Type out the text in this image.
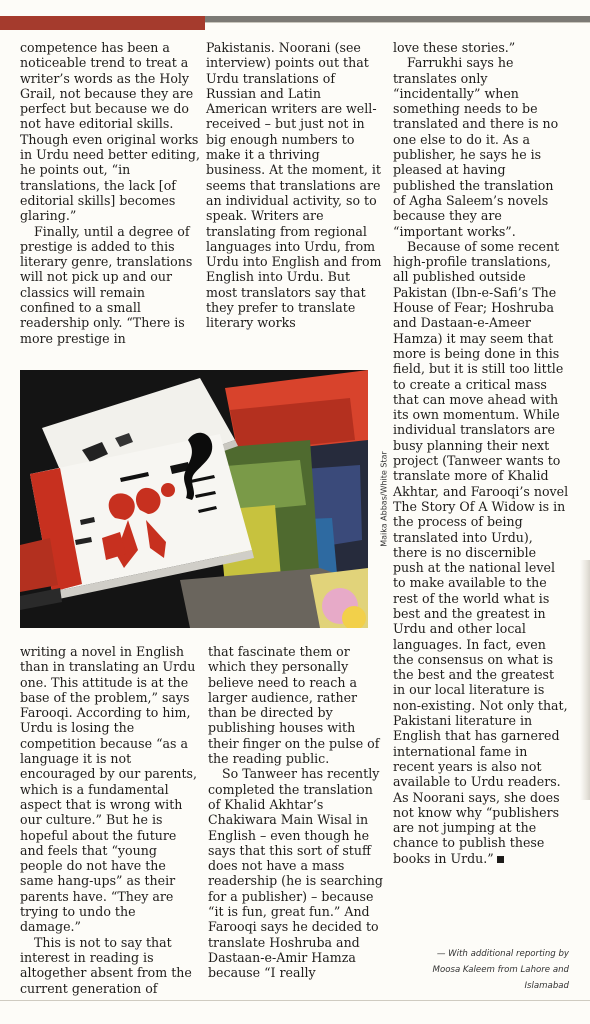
competence has been a noticeable trend to treat a writer’s words as the Holy Grail, not because they are perfect but because we do not have editorial skills. Though even original works in Urdu need better editing, he points out, “in translations, the lack [of editorial skills] becomes glaring.”

Finally, until a degree of prestige is added to this literary genre, translations will not pick up and our classics will remain confined to a small readership only. “There is more prestige in

Pakistanis. Noorani (see interview) points out that Urdu translations of Russian and Latin American writers are well-received – but just not in big enough numbers to make it a thriving business. At the moment, it seems that translations are an individual activity, so to speak. Writers are translating from regional languages into Urdu, from Urdu into English and from English into Urdu. But most translators say that they prefer to translate literary works

love these stories.”

Farrukhi says he translates only “incidentally” when something needs to be translated and there is no one else to do it. As a publisher, he says he is pleased at having published the translation of Agha Saleem’s novels because they are “important works”.

Because of some recent high-profile translations, all published outside Pakistan (Ibn-e-Safi’s The House of Fear; Hoshruba and Dastaan-e-Ameer Hamza) it may seem that more is being done in this field, but it is still too little to create a critical mass that can move ahead with its own momentum. While individual translators are busy planning their next project (Tanweer wants to translate more of Khalid Akhtar, and Farooqi’s novel The Story Of A Widow is in the process of being translated into Urdu), there is no discernible push at the national level to make available to the rest of the world what is best and the greatest in Urdu and other local languages. In fact, even the consensus on what is the best and the greatest in our local literature is non-existing. Not only that, Pakistani literature in English that has garnered international fame in recent years is also not available to Urdu readers. As Noorani says, she does not know why “publishers are not jumping at the chance to publish these books in Urdu.”

writing a novel in English than in translating an Urdu one. This attitude is at the base of the problem,” says Farooqi. According to him, Urdu is losing the competition because “as a language it is not encouraged by our parents, which is a fundamental aspect that is wrong with our culture.” But he is hopeful about the future and feels that “young people do not have the same hang-ups” as their parents have. “They are trying to undo the damage.”

This is not to say that interest in reading is altogether absent from the current generation of

that fascinate them or which they personally believe need to reach a larger audience, rather than be directed by publishing houses with their finger on the pulse of the reading public.

So Tanweer has recently completed the translation of Khalid Akhtar’s Chakiwara Main Wisal in English – even though he says that this sort of stuff does not have a mass readership (he is searching for a publisher) – because “it is fun, great fun.” And Farooqi says he decided to translate Hoshruba and Dastaan-e-Amir Hamza because “I really

— With additional reporting by
Moosa Kaleem from Lahore and
Islamabad
Maika Abbas/White Star
